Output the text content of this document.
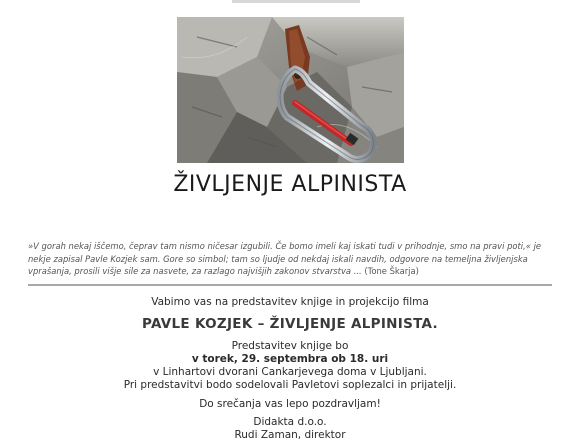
ŽIVLJENJE ALPINISTA
»V gorah nekaj iščemo, čeprav tam nismo ničesar izgubili. Če bomo imeli kaj iskati tudi v prihodnje, smo na pravi poti,« je nekje zapisal Pavle Kozjek sam. Gore so simbol; tam so ljudje od nekdaj iskali navdih, odgovore na temeljna življenjska vprašanja, prosili višje sile za nasvete, za razlago najvišjih zakonov stvarstva ... (Tone Škarja)
Vabimo vas na predstavitev knjige in projekcijo filma
PAVLE KOZJEK – ŽIVLJENJE ALPINISTA.
Predstavitev knjige bo
v torek, 29. septembra ob 18. uri
v Linhartovi dvorani Cankarjevega doma v Ljubljani.
Pri predstavitvi bodo sodelovali Pavletovi soplezalci in prijatelji.
Do srečanja vas lepo pozdravljam!
Didakta d.o.o.
Rudi Zaman, direktor
